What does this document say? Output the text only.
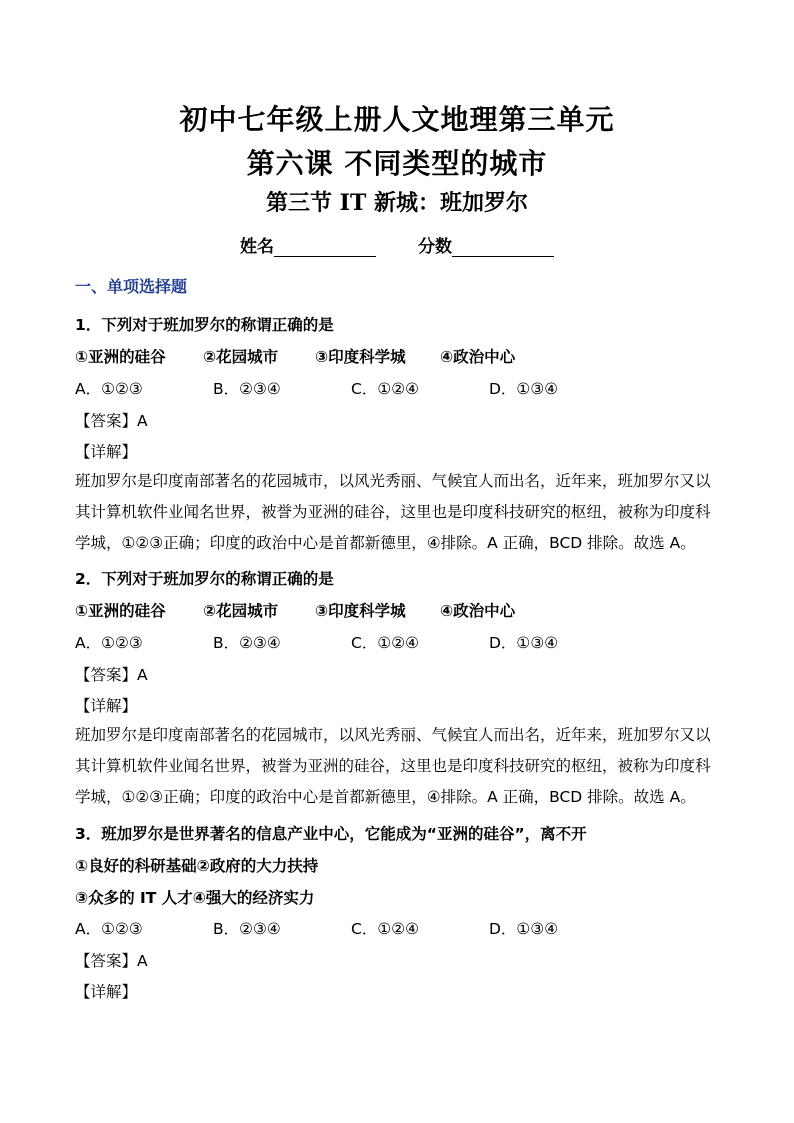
初中七年级上册人文地理第三单元
第六课 不同类型的城市
第三节 IT 新城：班加罗尔
姓名	分数
一、单项选择题
1．下列对于班加罗尔的称谓正确的是
①亚洲的硅谷 ②花园城市 ③印度科学城 ④政治中心
A．①②③	B．②③④	C．①②④	D．①③④
【答案】A
【详解】

班加罗尔是印度南部著名的花园城市，以风光秀丽、气候宜人而出名，近年来，班加罗尔又以

其计算机软件业闻名世界，被誉为亚洲的硅谷，这里也是印度科技研究的枢纽，被称为印度科

学城，①②③正确；印度的政治中心是首都新德里，④排除。A 正确，BCD 排除。故选 A。

2．下列对于班加罗尔的称谓正确的是
①亚洲的硅谷 ②花园城市 ③印度科学城 ④政治中心
A．①②③	B．②③④	C．①②④	D．①③④
【答案】A
【详解】

班加罗尔是印度南部著名的花园城市，以风光秀丽、气候宜人而出名，近年来，班加罗尔又以

其计算机软件业闻名世界，被誉为亚洲的硅谷，这里也是印度科技研究的枢纽，被称为印度科

学城，①②③正确；印度的政治中心是首都新德里，④排除。A 正确，BCD 排除。故选 A。

3．班加罗尔是世界著名的信息产业中心，它能成为“亚洲的硅谷”，离不开
①良好的科研基础②政府的大力扶持
③众多的 IT 人才④强大的经济实力
A．①②③	B．②③④	C．①②④	D．①③④
【答案】A
【详解】
